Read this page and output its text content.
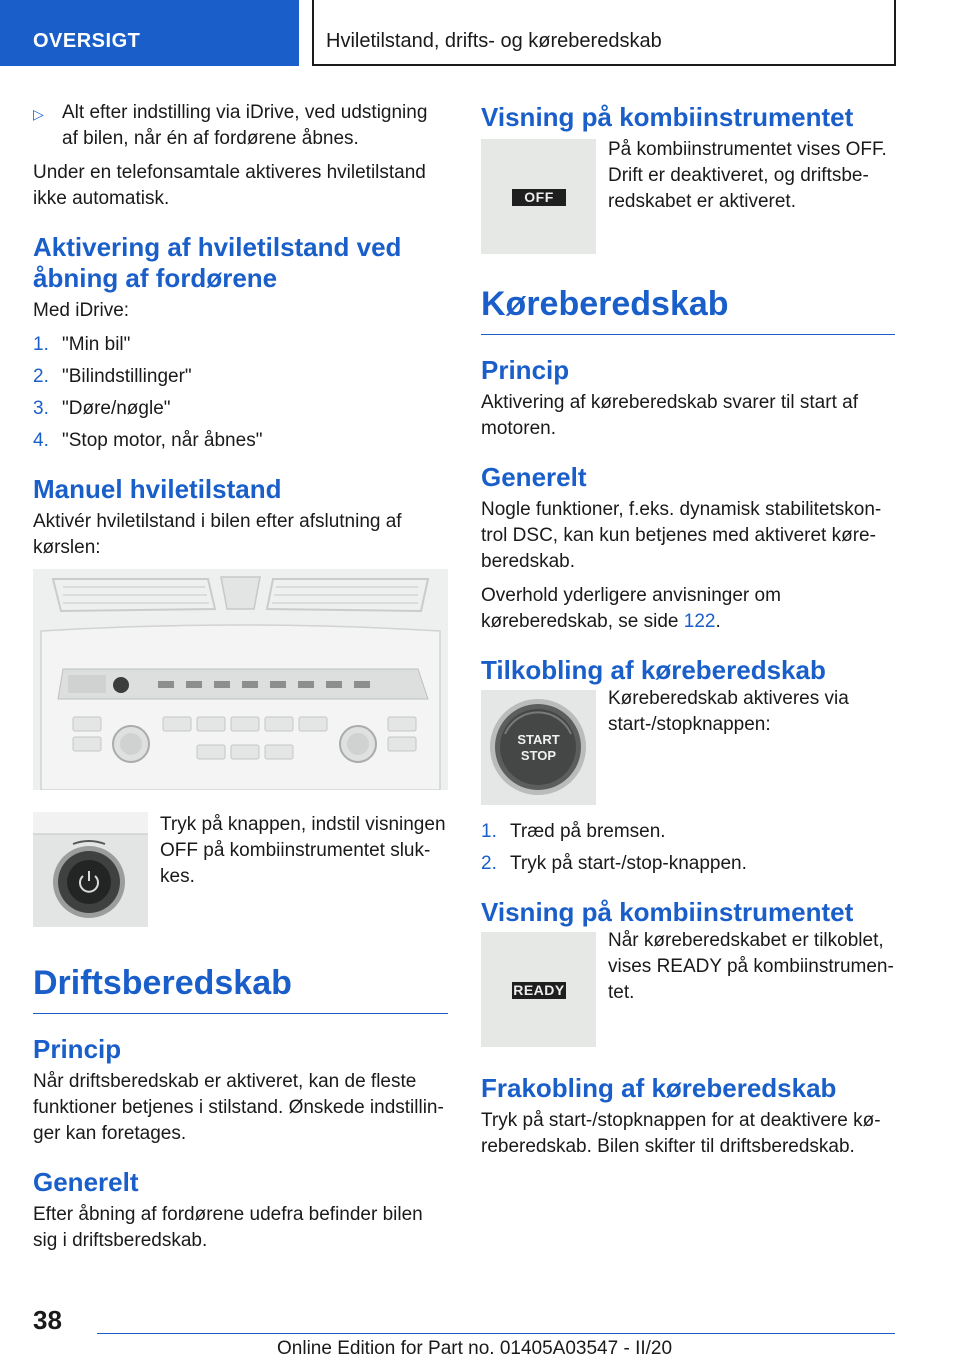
OVERSIGT	Hviletilstand, drifts- og køreberedskab
▷ Alt efter indstilling via iDrive, ved udstigning af bilen, når én af fordørene åbnes.

Under en telefonsamtale aktiveres hviletilstand ikke automatisk.

Aktivering af hviletilstand ved åbning af fordørene

Med iDrive:

1. "Min bil"
2. "Bilindstillinger"
3. "Døre/nøgle"
4. "Stop motor, når åbnes"
Manuel hviletilstand

Aktivér hviletilstand i bilen efter afslutning af kørslen:

Tryk på knappen, indstil visningen OFF på kombiinstrumentet slukkes.
Driftsberedskab
Princip

Når driftsberedskab er aktiveret, kan de fleste funktioner betjenes i stilstand. Ønskede indstillinger kan foretages.

Generelt

Efter åbning af fordørene udefra befinder bilen sig i driftsberedskab.

Visning på kombiinstrumentet
OFF
På kombiinstrumentet vises OFF. Drift er deaktiveret, og driftsberedskabet er aktiveret.
Køreberedskab
Princip

Aktivering af køreberedskab svarer til start af motoren.

Generelt

Nogle funktioner, f.eks. dynamisk stabilitetskontrol DSC, kan kun betjenes med aktiveret køreberedskab.

Overhold yderligere anvisninger om køreberedskab, se side 122.

Tilkobling af køreberedskab
START
STOP
Køreberedskab aktiveres via start-/stopknappen:
1. Træd på bremsen.
2. Tryk på start-/stop-knappen.
Visning på kombiinstrumentet
READY
Når køreberedskabet er tilkoblet, vises READY på kombiinstrumentet.
Frakobling af køreberedskab

Tryk på start-/stopknappen for at deaktivere køreberedskab. Bilen skifter til driftsberedskab.

38
Online Edition for Part no. 01405A03547 - II/20
